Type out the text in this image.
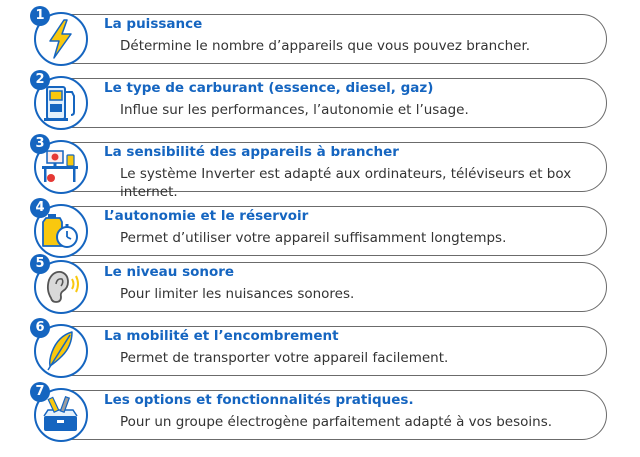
1
La puissance
Détermine le nombre d’appareils que vous pouvez brancher.
2
Le type de carburant (essence, diesel, gaz)
Influe sur les performances, l’autonomie et l’usage.
3
La sensibilité des appareils à brancher
Le système Inverter est adapté aux ordinateurs, téléviseurs et box internet.
4
L’autonomie et le réservoir
Permet d’utiliser votre appareil suffisamment longtemps.
5
Le niveau sonore
Pour limiter les nuisances sonores.
6
La mobilité et l’encombrement
Permet de transporter votre appareil facilement.
7
Les options et fonctionnalités pratiques.
Pour un groupe électrogène parfaitement adapté à vos besoins.
